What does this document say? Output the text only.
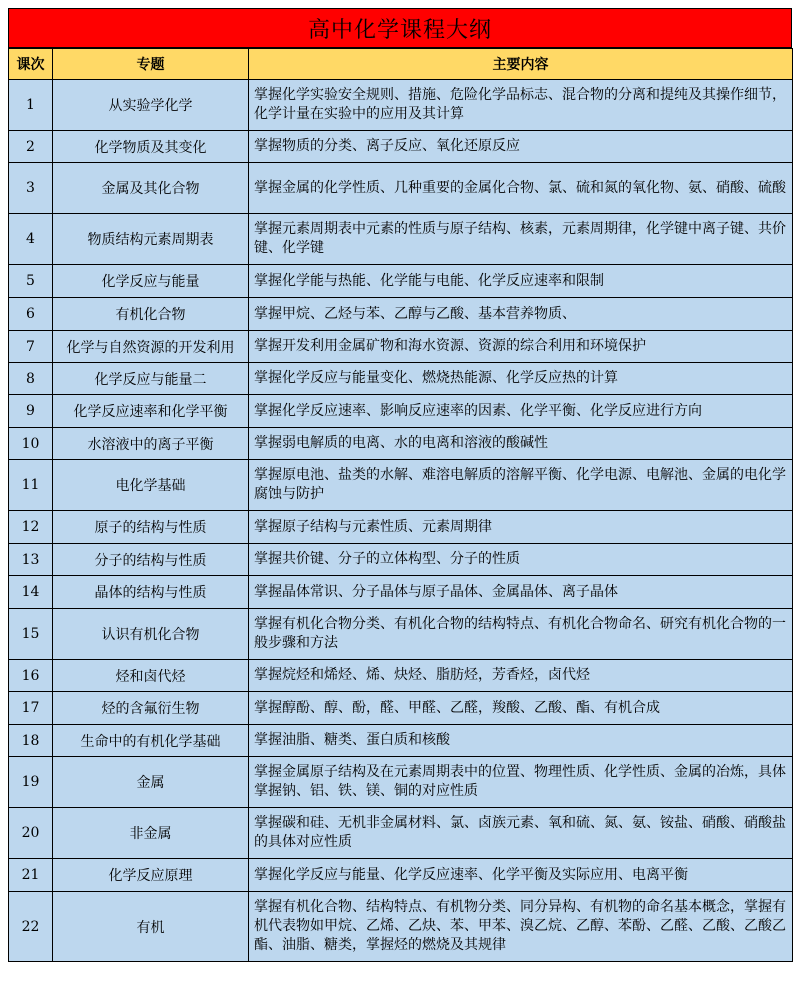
高中化学课程大纲
课次	专题	主要内容
1	从实验学化学	掌握化学实验安全规则、措施、危险化学品标志、混合物的分离和提纯及其操作细节，化学计量在实验中的应用及其计算
2	化学物质及其变化	掌握物质的分类、离子反应、氧化还原反应
3	金属及其化合物	掌握金属的化学性质、几种重要的金属化合物、氯、硫和氮的氧化物、氨、硝酸、硫酸
4	物质结构元素周期表	掌握元素周期表中元素的性质与原子结构、核素，元素周期律，化学键中离子键、共价键、化学键
5	化学反应与能量	掌握化学能与热能、化学能与电能、化学反应速率和限制
6	有机化合物	掌握甲烷、乙烃与苯、乙醇与乙酸、基本营养物质、
7	化学与自然资源的开发利用	掌握开发利用金属矿物和海水资源、资源的综合利用和环境保护
8	化学反应与能量二	掌握化学反应与能量变化、燃烧热能源、化学反应热的计算
9	化学反应速率和化学平衡	掌握化学反应速率、影响反应速率的因素、化学平衡、化学反应进行方向
10	水溶液中的离子平衡	掌握弱电解质的电离、水的电离和溶液的酸碱性
11	电化学基础	掌握原电池、盐类的水解、难溶电解质的溶解平衡、化学电源、电解池、金属的电化学腐蚀与防护
12	原子的结构与性质	掌握原子结构与元素性质、元素周期律
13	分子的结构与性质	掌握共价键、分子的立体构型、分子的性质
14	晶体的结构与性质	掌握晶体常识、分子晶体与原子晶体、金属晶体、离子晶体
15	认识有机化合物	掌握有机化合物分类、有机化合物的结构特点、有机化合物命名、研究有机化合物的一般步骤和方法
16	烃和卤代烃	掌握烷烃和烯烃、烯、炔烃、脂肪烃，芳香烃，卤代烃
17	烃的含氟衍生物	掌握醇酚、醇、酚，醛、甲醛、乙醛，羧酸、乙酸、酯、有机合成
18	生命中的有机化学基础	掌握油脂、糖类、蛋白质和核酸
19	金属	掌握金属原子结构及在元素周期表中的位置、物理性质、化学性质、金属的冶炼，具体掌握钠、铝、铁、镁、铜的对应性质
20	非金属	掌握碳和硅、无机非金属材料、氯、卤族元素、氧和硫、氮、氨、铵盐、硝酸、硝酸盐的具体对应性质
21	化学反应原理	掌握化学反应与能量、化学反应速率、化学平衡及实际应用、电离平衡
22	有机	掌握有机化合物、结构特点、有机物分类、同分异构、有机物的命名基本概念，掌握有机代表物如甲烷、乙烯、乙炔、苯、甲苯、溴乙烷、乙醇、苯酚、乙醛、乙酸、乙酸乙酯、油脂、糖类，掌握烃的燃烧及其规律
